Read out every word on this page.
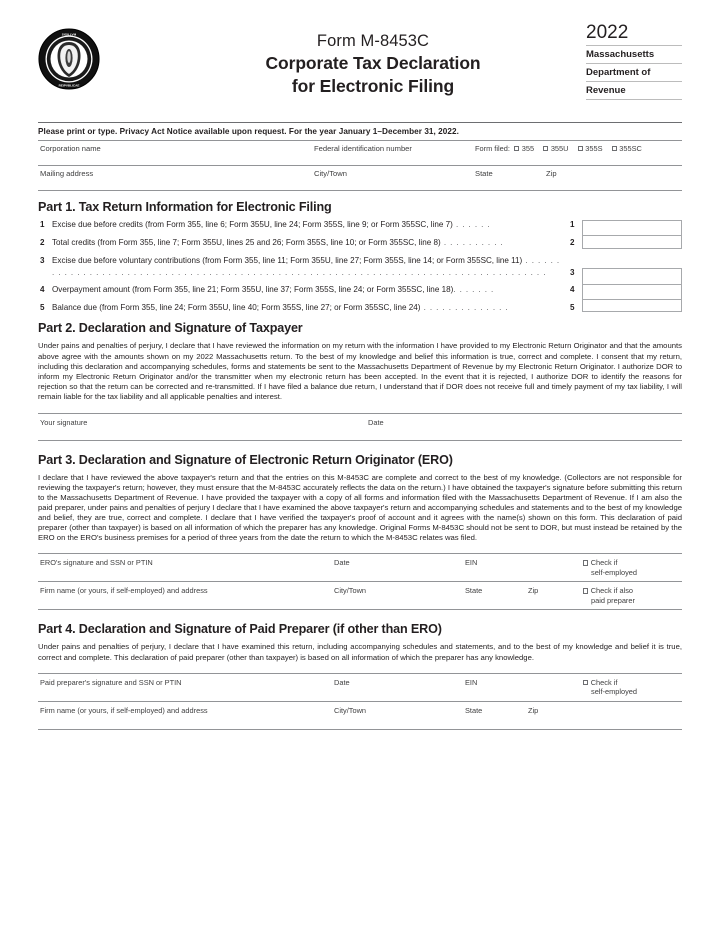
SIGILLVM
REIPVBLICAE
Form M-8453C
Corporate Tax Declaration
for Electronic Filing
2022
Massachusetts
Department of
Revenue
Please print or type. Privacy Act Notice available upon request. For the year January 1–December 31, 2022.
Corporation name	Federal identification number	Form filed: 355 355U 355S 355SC
Mailing address	City/Town	State	Zip
Part 1. Tax Return Information for Electronic Filing
1 Excise due before credits (from Form 355, line 6; Form 355U, line 24; Form 355S, line 9; or Form 355SC, line 7) . . . . . .	1
2 Total credits (from Form 355, line 7; Form 355U, lines 25 and 26; Form 355S, line 10; or Form 355SC, line 8) . . . . . . . . . .	2
3 Excise due before voluntary contributions (from Form 355, line 11; Form 355U, line 27; Form 355S, line 14; or Form 355SC, line 11) . . . . . . . . . . . . . . . . . . . . . . . . . . . . . . . . . . . . . . . . . . . . . . . . . . . . . . . . . . . . . . . . . . . . . . . . . . . . . . . . . . . . .	3
4 Overpayment amount (from Form 355, line 21; Form 355U, line 37; Form 355S, line 24; or Form 355SC, line 18). . . . . . .	4
5 Balance due (from Form 355, line 24; Form 355U, line 40; Form 355S, line 27; or Form 355SC, line 24) . . . . . . . . . . . . . .	5
Part 2. Declaration and Signature of Taxpayer
Under pains and penalties of perjury, I declare that I have reviewed the information on my return with the information I have provided to my Electronic Return Originator and that the amounts above agree with the amounts shown on my 2022 Massachusetts return. To the best of my knowledge and belief this information is true, correct and complete. I consent that my return, including this declaration and accompanying schedules, forms and statements be sent to the Massachusetts Department of Revenue by my Electronic Return Originator. I authorize DOR to inform my Electronic Return Originator and/or the transmitter when my electronic return has been accepted. In the event that it is rejected, I authorize DOR to identify the reasons for rejection so that the return can be corrected and re-transmitted. If I have filed a balance due return, I understand that if DOR does not receive full and timely payment of my tax liability, I will remain liable for the tax liability and all applicable penalties and interest.
Your signature	Date
Part 3. Declaration and Signature of Electronic Return Originator (ERO)
I declare that I have reviewed the above taxpayer's return and that the entries on this M-8453C are complete and correct to the best of my knowledge. (Collectors are not responsible for reviewing the taxpayer's return; however, they must ensure that the M-8453C accurately reflects the data on the return.) I have obtained the taxpayer's signature before submitting this return to the Massachusetts Department of Revenue. I have provided the taxpayer with a copy of all forms and information filed with the Massachusetts Department of Revenue. If I am also the paid preparer, under pains and penalties of perjury I declare that I have examined the above taxpayer's return and accompanying schedules and statements and to the best of my knowledge and belief, they are true, correct and complete. I declare that I have verified the taxpayer's proof of account and it agrees with the name(s) shown on this form. This declaration of paid preparer (other than taxpayer) is based on all information of which the preparer has any knowledge. Original Forms M-8453C should not be sent to DOR, but must instead be retained by the ERO on the ERO's business premises for a period of three years from the date the return to which the M-8453C relates was filed.
ERO's signature and SSN or PTIN	Date	EIN	Check if
self-employed
Firm name (or yours, if self-employed) and address	City/Town	State	Zip	Check if also
paid preparer
Part 4. Declaration and Signature of Paid Preparer (if other than ERO)
Under pains and penalties of perjury, I declare that I have examined this return, including accompanying schedules and statements, and to the best of my knowledge and belief it is true, correct and complete. This declaration of paid preparer (other than taxpayer) is based on all information of which the preparer has any knowledge.
Paid preparer's signature and SSN or PTIN	Date	EIN	Check if
self-employed
Firm name (or yours, if self-employed) and address	City/Town	State	Zip
